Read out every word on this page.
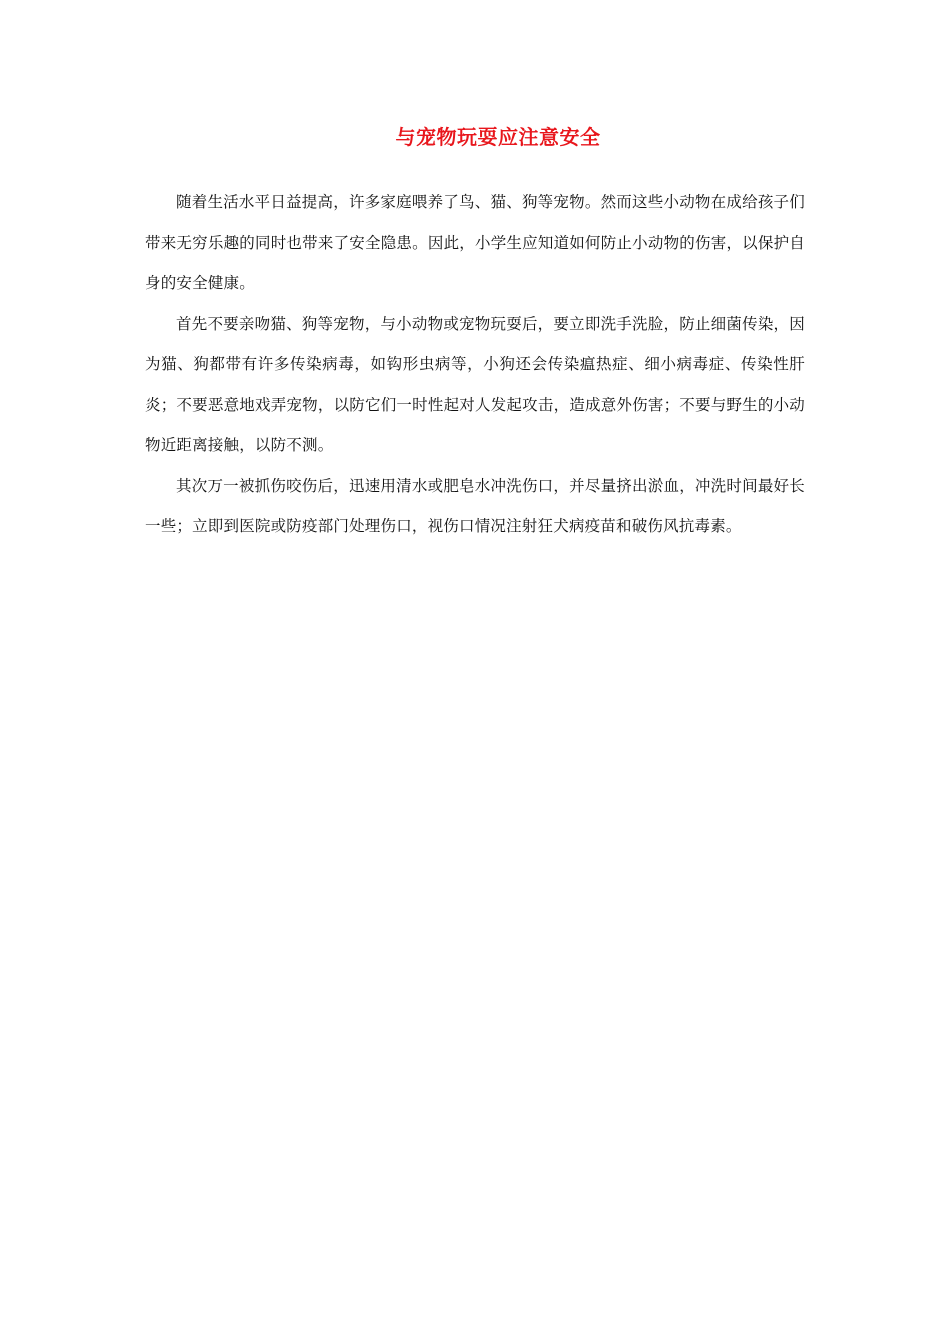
与宠物玩耍应注意安全

随着生活水平日益提高，许多家庭喂养了鸟、猫、狗等宠物。然而这些小动物在成给孩子们带来无穷乐趣的同时也带来了安全隐患。因此，小学生应知道如何防止小动物的伤害，以保护自身的安全健康。

首先不要亲吻猫、狗等宠物，与小动物或宠物玩耍后，要立即洗手洗脸，防止细菌传染，因为猫、狗都带有许多传染病毒，如钩形虫病等，小狗还会传染瘟热症、细小病毒症、传染性肝炎；不要恶意地戏弄宠物，以防它们一时性起对人发起攻击，造成意外伤害；不要与野生的小动物近距离接触，以防不测。

其次万一被抓伤咬伤后，迅速用清水或肥皂水冲洗伤口，并尽量挤出淤血，冲洗时间最好长一些；立即到医院或防疫部门处理伤口，视伤口情况注射狂犬病疫苗和破伤风抗毒素。
